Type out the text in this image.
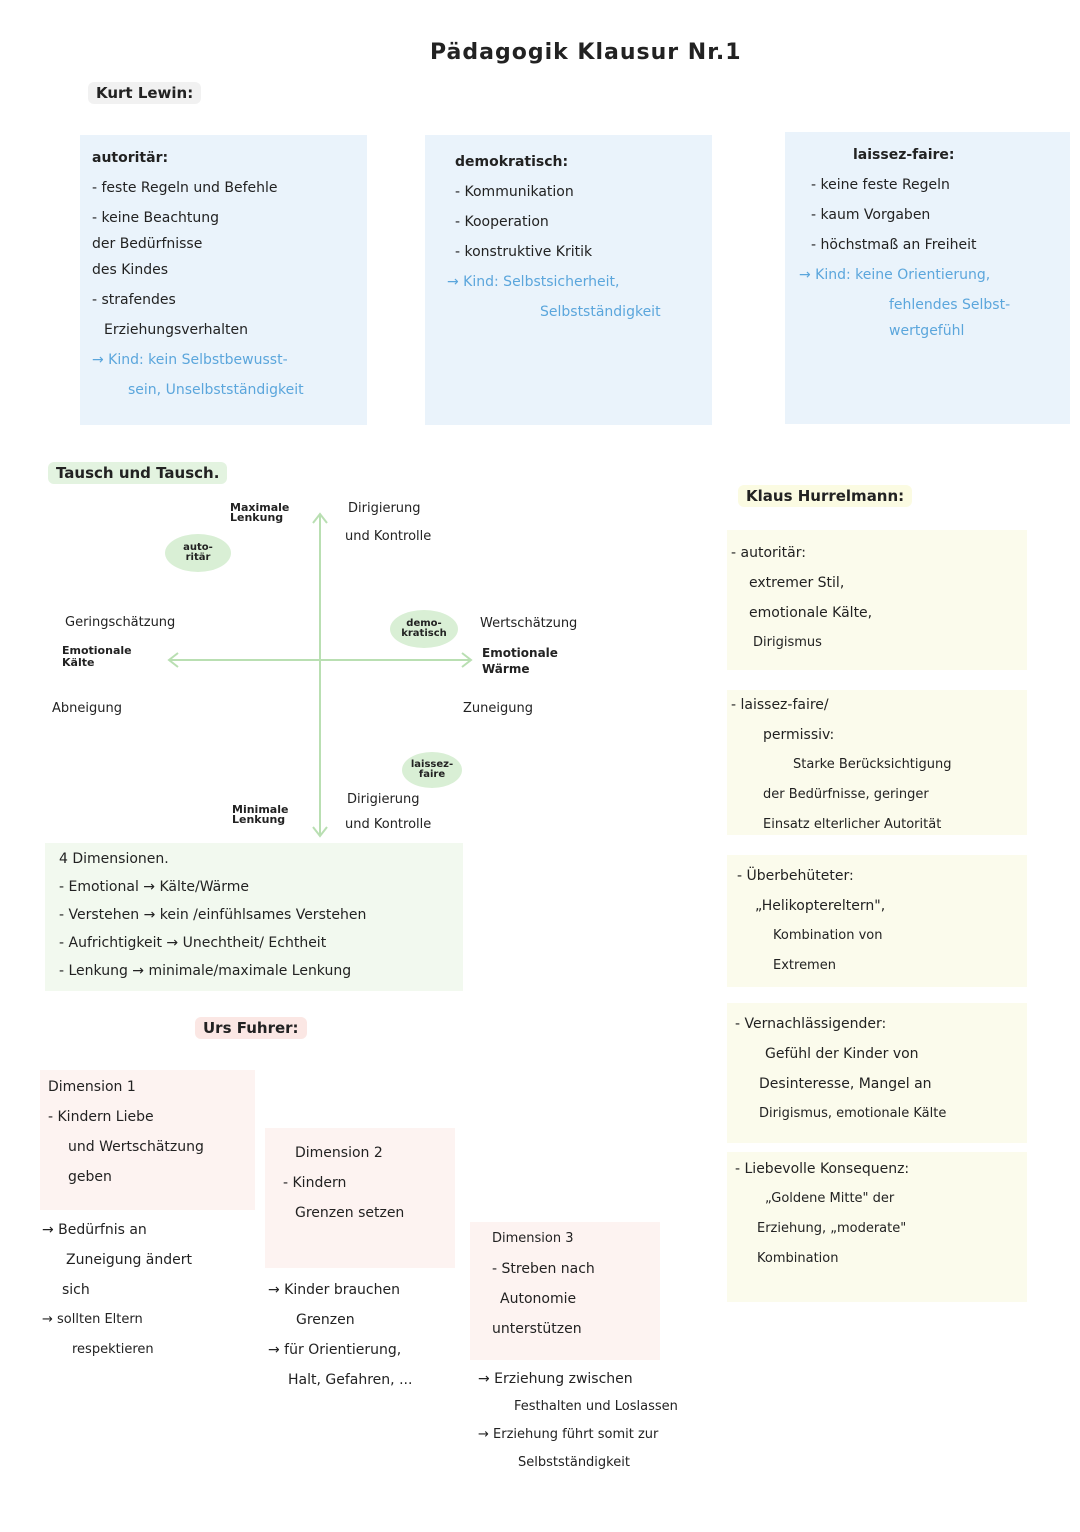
Pädagogik Klausur Nr.1
Kurt Lewin:
autoritär:
- feste Regeln und Befehle
- keine Beachtung
der Bedürfnisse
des Kindes
- strafendes
Erziehungsverhalten
→ Kind: kein Selbstbewusst-
sein, Unselbstständigkeit
demokratisch:
- Kommunikation
- Kooperation
- konstruktive Kritik
→ Kind: Selbstsicherheit,
Selbstständigkeit
laissez-faire:
- keine feste Regeln
- kaum Vorgaben
- höchstmaß an Freiheit
→ Kind: keine Orientierung,
fehlendes Selbst-
wertgefühl
Tausch und Tausch.
Maximale Lenkung
Dirigierung
und Kontrolle
auto-ritär
demo-kratisch
laissez-faire
Geringschätzung
Emotionale Kälte
Abneigung
Wertschätzung
Emotionale Wärme
Zuneigung
Minimale Lenkung
Dirigierung
und Kontrolle
4 Dimensionen.
- Emotional → Kälte/Wärme
- Verstehen → kein /einfühlsames Verstehen
- Aufrichtigkeit → Unechtheit/ Echtheit
- Lenkung → minimale/maximale Lenkung
Urs Fuhrer:
Dimension 1
- Kindern Liebe
und Wertschätzung
geben
→ Bedürfnis an
Zuneigung ändert
sich
→ sollten Eltern
respektieren
Dimension 2
- Kindern
Grenzen setzen
→ Kinder brauchen
Grenzen
→ für Orientierung,
Halt, Gefahren, ...
Dimension 3
- Streben nach
Autonomie
unterstützen
→ Erziehung zwischen
Festhalten und Loslassen
→ Erziehung führt somit zur
Selbstständigkeit
Klaus Hurrelmann:
- autoritär:
extremer Stil,
emotionale Kälte,
Dirigismus
- laissez-faire/
permissiv:
Starke Berücksichtigung
der Bedürfnisse, geringer
Einsatz elterlicher Autorität
- Überbehüteter:
„Helikoptereltern",
Kombination von
Extremen
- Vernachlässigender:
Gefühl der Kinder von
Desinteresse, Mangel an
Dirigismus, emotionale Kälte
- Liebevolle Konsequenz:
„Goldene Mitte" der
Erziehung, „moderate"
Kombination
